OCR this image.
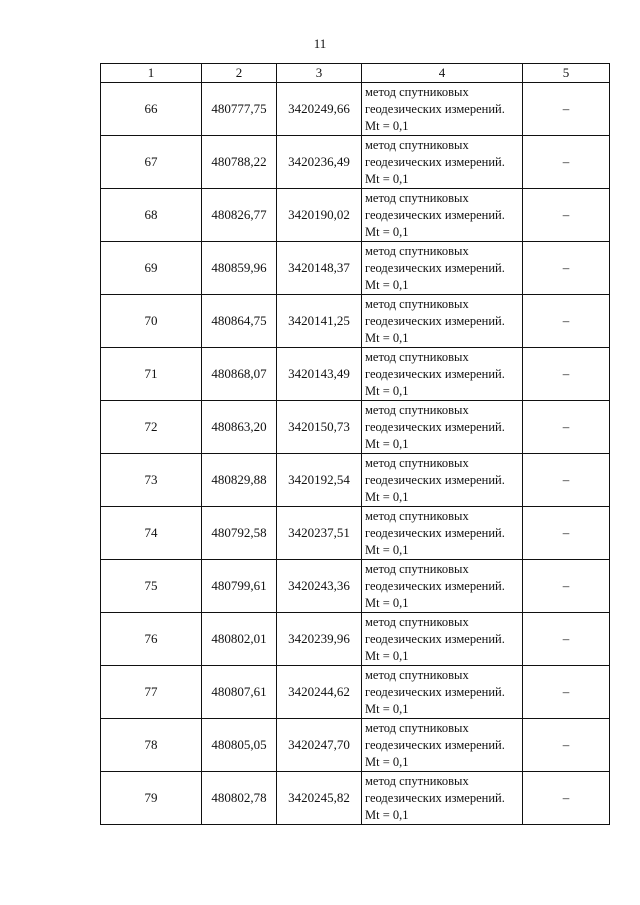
11
1	2	3	4	5
66	480777,75	3420249,66	метод спутниковых геодезических измерений. Mt = 0,1	–
67	480788,22	3420236,49	метод спутниковых геодезических измерений. Mt = 0,1	–
68	480826,77	3420190,02	метод спутниковых геодезических измерений. Mt = 0,1	–
69	480859,96	3420148,37	метод спутниковых геодезических измерений. Mt = 0,1	–
70	480864,75	3420141,25	метод спутниковых геодезических измерений. Mt = 0,1	–
71	480868,07	3420143,49	метод спутниковых геодезических измерений. Mt = 0,1	–
72	480863,20	3420150,73	метод спутниковых геодезических измерений. Mt = 0,1	–
73	480829,88	3420192,54	метод спутниковых геодезических измерений. Mt = 0,1	–
74	480792,58	3420237,51	метод спутниковых геодезических измерений. Mt = 0,1	–
75	480799,61	3420243,36	метод спутниковых геодезических измерений. Mt = 0,1	–
76	480802,01	3420239,96	метод спутниковых геодезических измерений. Mt = 0,1	–
77	480807,61	3420244,62	метод спутниковых геодезических измерений. Mt = 0,1	–
78	480805,05	3420247,70	метод спутниковых геодезических измерений. Mt = 0,1	–
79	480802,78	3420245,82	метод спутниковых геодезических измерений. Mt = 0,1	–
